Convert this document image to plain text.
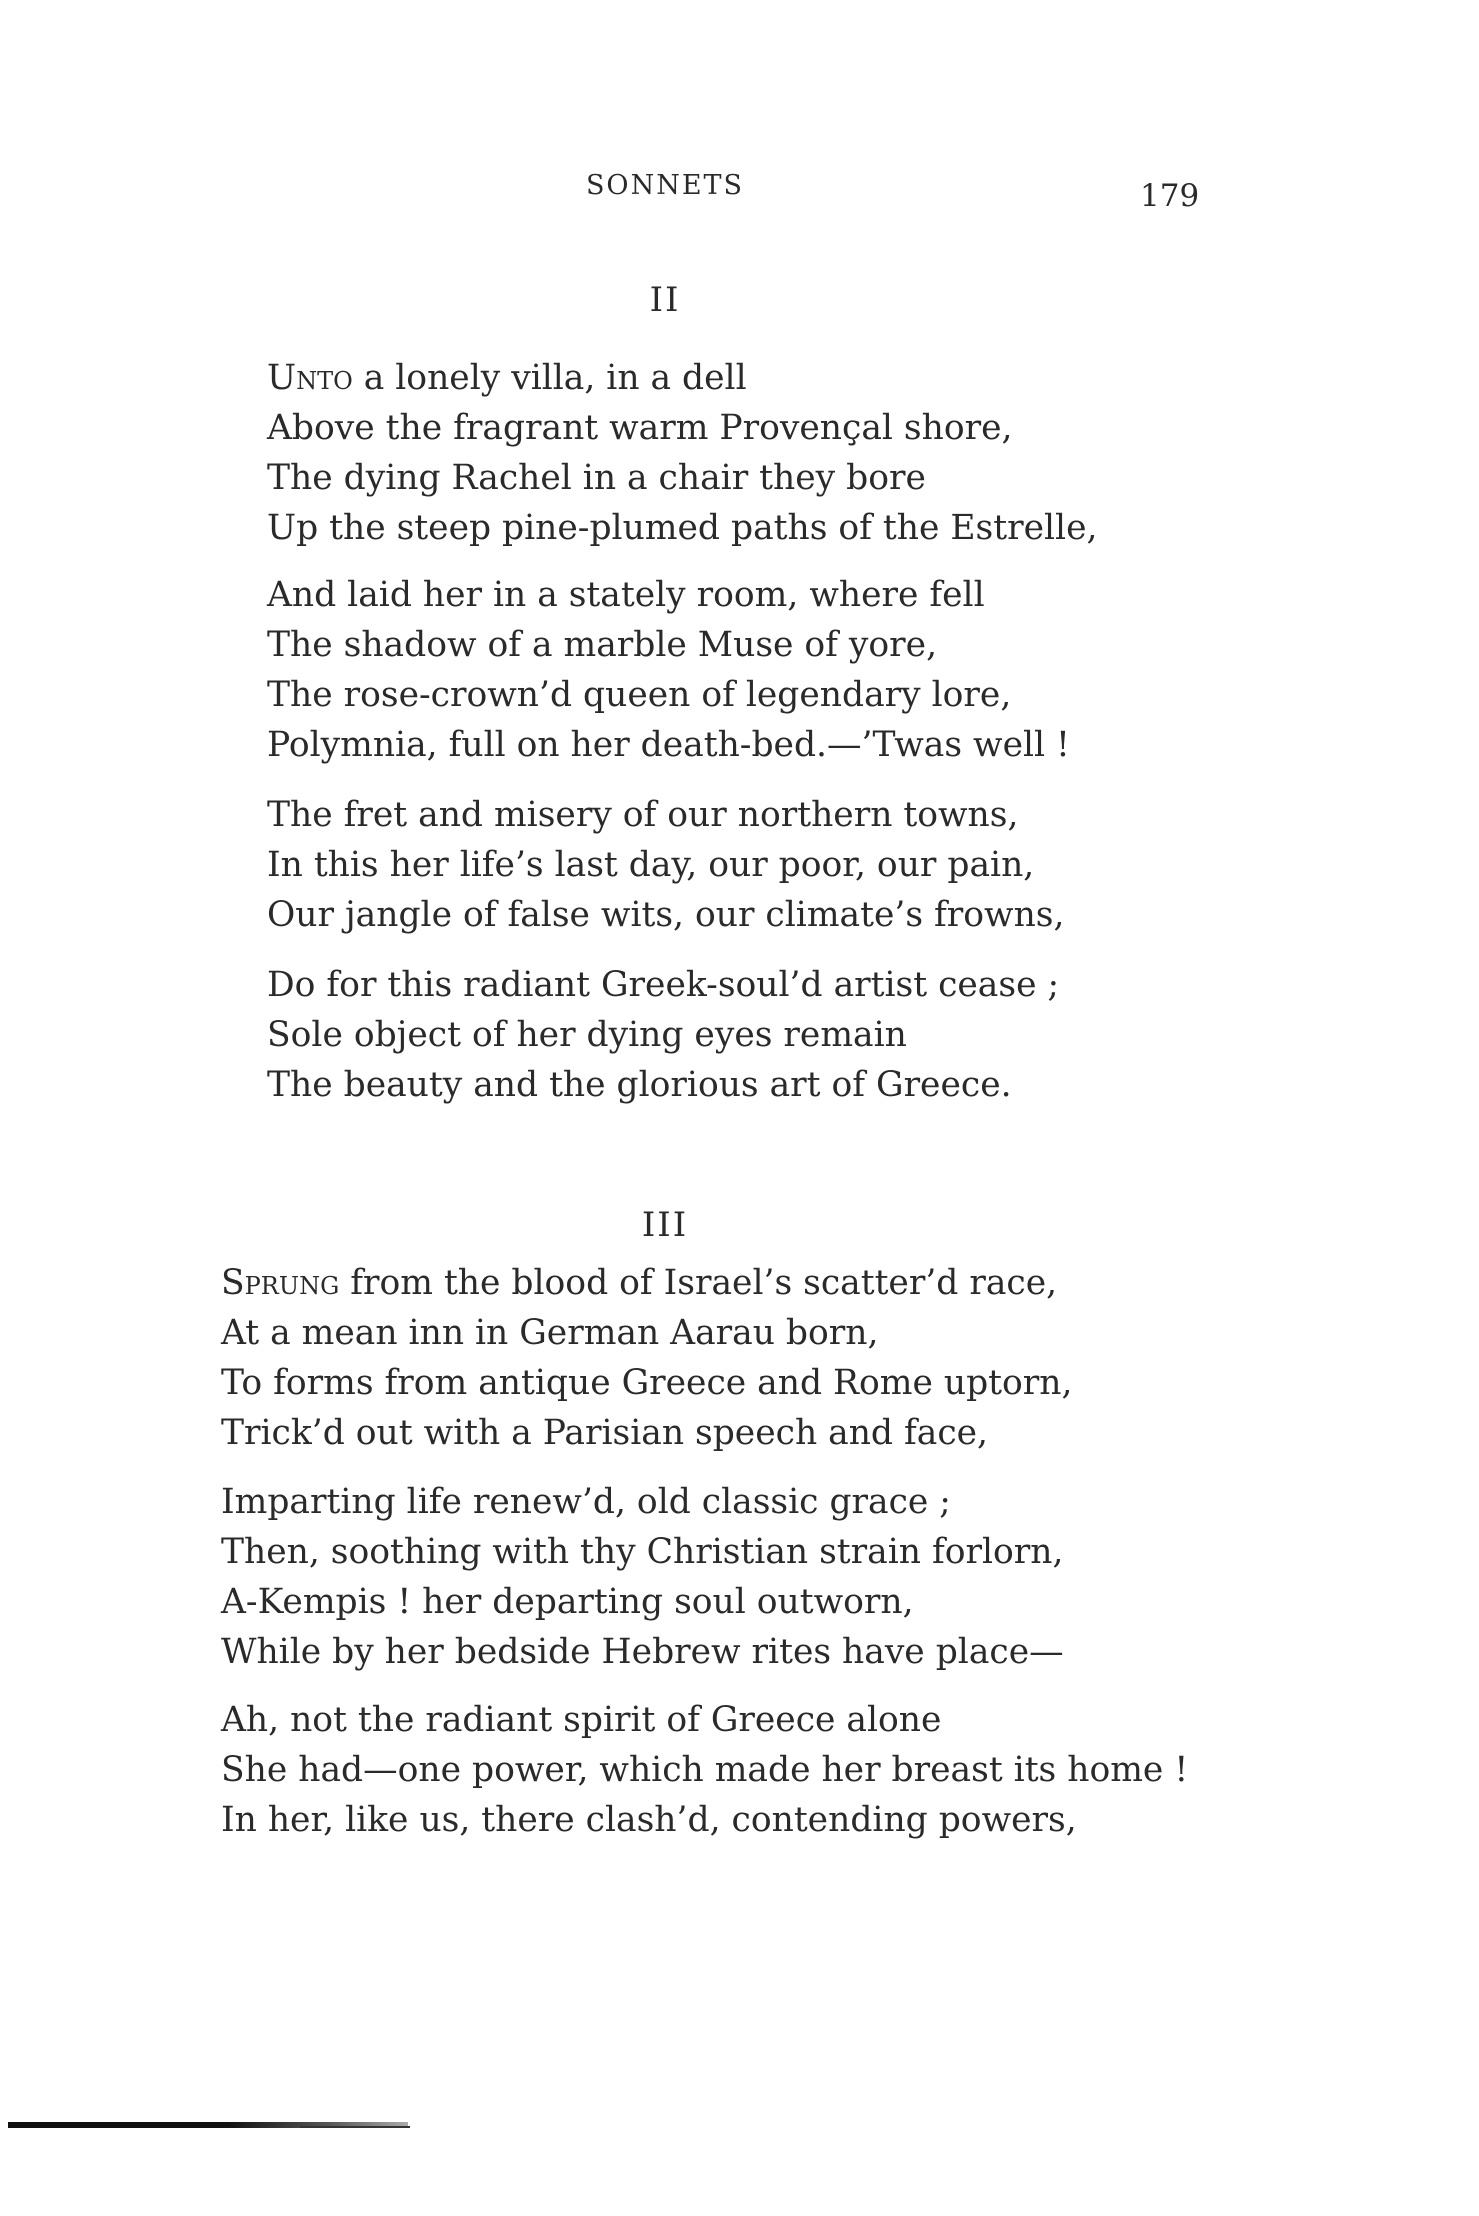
SONNETS	179
II
Unto a lonely villa, in a dell
Above the fragrant warm Provençal shore,
The dying Rachel in a chair they bore
Up the steep pine-plumed paths of the Estrelle,
And laid her in a stately room, where fell
The shadow of a marble Muse of yore,
The rose-crown’d queen of legendary lore,
Polymnia, full on her death-bed.—’Twas well !
The fret and misery of our northern towns,
In this her life’s last day, our poor, our pain,
Our jangle of false wits, our climate’s frowns,
Do for this radiant Greek-soul’d artist cease ;
Sole object of her dying eyes remain
The beauty and the glorious art of Greece.
III
Sprung from the blood of Israel’s scatter’d race,
At a mean inn in German Aarau born,
To forms from antique Greece and Rome uptorn,
Trick’d out with a Parisian speech and face,
Imparting life renew’d, old classic grace ;
Then, soothing with thy Christian strain forlorn,
A-Kempis ! her departing soul outworn,
While by her bedside Hebrew rites have place—
Ah, not the radiant spirit of Greece alone
She had—one power, which made her breast its home !
In her, like us, there clash’d, contending powers,
